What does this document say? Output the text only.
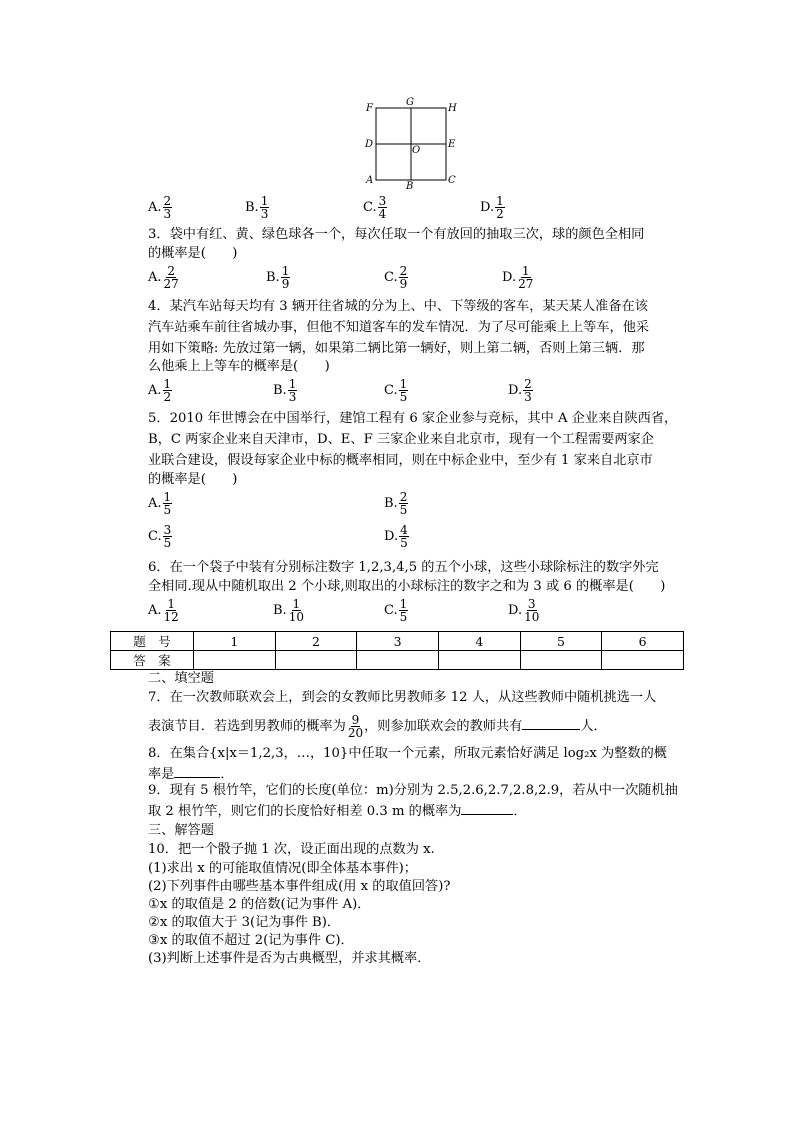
F
G
H
D
O
E
A
B
C
A. $\frac{2}{3}$	B. $\frac{1}{3}$	C. $\frac{3}{4}$	D. $\frac{1}{2}$
3．袋中有红、黄、绿色球各一个，每次任取一个有放回的抽取三次，球的颜色全相同
的概率是(　　)
A. $\frac{2}{27}$	B. $\frac{1}{9}$	C. $\frac{2}{9}$	D. $\frac{1}{27}$
4．某汽车站每天均有 3 辆开往省城的分为上、中、下等级的客车，某天某人准备在该
汽车站乘车前往省城办事，但他不知道客车的发车情况．为了尽可能乘上上等车，他采
用如下策略: 先放过第一辆，如果第二辆比第一辆好，则上第二辆，否则上第三辆．那
么他乘上上等车的概率是(　　)
A. $\frac{1}{2}$	B. $\frac{1}{3}$	C. $\frac{1}{5}$	D. $\frac{2}{3}$
5．2010 年世博会在中国举行，建馆工程有 6 家企业参与竞标，其中 A 企业来自陕西省，
B，C 两家企业来自天津市，D、E、F 三家企业来自北京市，现有一个工程需要两家企
业联合建设，假设每家企业中标的概率相同，则在中标企业中，至少有 1 家来自北京市
的概率是(　　)
A. $\frac{1}{5}$	B. $\frac{2}{5}$
C. $\frac{3}{5}$	D. $\frac{4}{5}$
6．在一个袋子中装有分别标注数字 1,2,3,4,5 的五个小球，这些小球除标注的数字外完
全相同.现从中随机取出 2 个小球,则取出的小球标注的数字之和为 3 或 6 的概率是(　　)
A. $\frac{1}{12}$	B. $\frac{1}{10}$	C. $\frac{1}{5}$	D. $\frac{3}{10}$
题　号	1	2	3	4	5	6
答　案						
二、填空题
7．在一次教师联欢会上，到会的女教师比男教师多 12 人，从这些教师中随机挑选一人
表演节目．若选到男教师的概率为 $\frac{9}{20}$ ，则参加联欢会的教师共有	人．
8．在集合{x|x＝1,2,3，…，10}中任取一个元素，所取元素恰好满足 log₂x 为整数的概
率是	．
9．现有 5 根竹竿，它们的长度(单位：m)分别为 2.5,2.6,2.7,2.8,2.9，若从中一次随机抽
取 2 根竹竿，则它们的长度恰好相差 0.3 m 的概率为	．
三、解答题
10．把一个骰子抛 1 次，设正面出现的点数为 x.
(1)求出 x 的可能取值情况(即全体基本事件)；
(2)下列事件由哪些基本事件组成(用 x 的取值回答)?
①x 的取值是 2 的倍数(记为事件 A)．
②x 的取值大于 3(记为事件 B)．
③x 的取值不超过 2(记为事件 C)．
(3)判断上述事件是否为古典概型，并求其概率．
